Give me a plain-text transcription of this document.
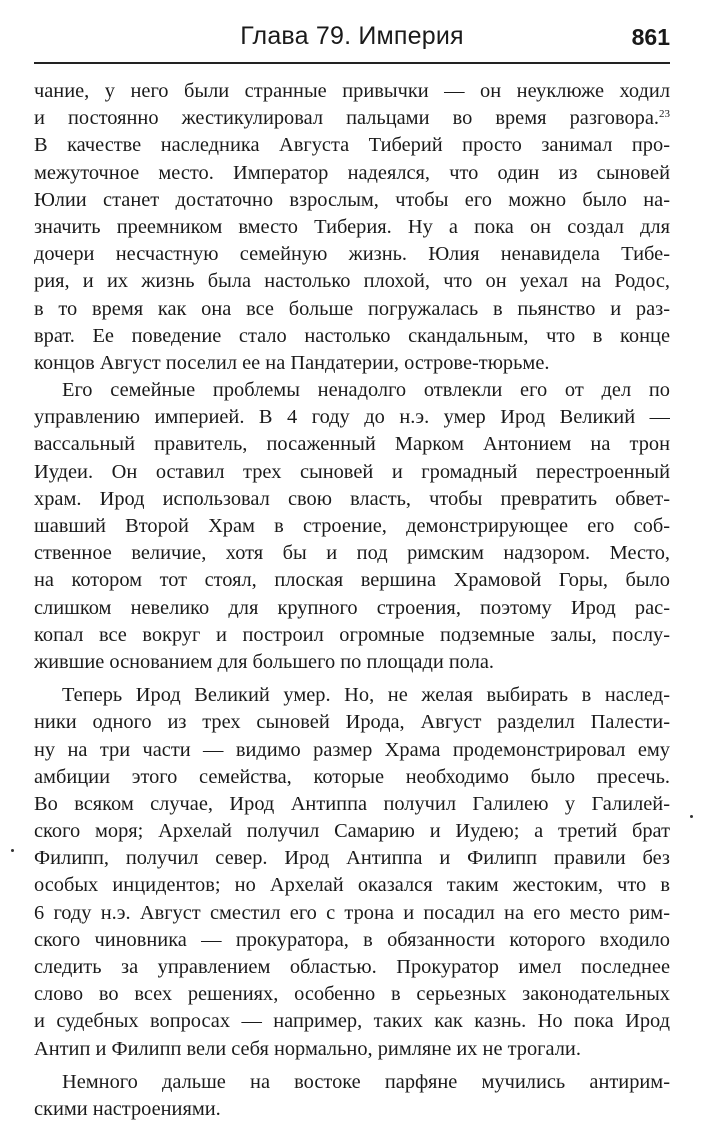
Глава 79. Империя	861
чание, у него были странные привычки — он неуклюже ходил
и постоянно жестикулировал пальцами во время разговора.$^{23}$
В качестве наследника Августа Тиберий просто занимал про-
межуточное место. Император надеялся, что один из сыновей
Юлии станет достаточно взрослым, чтобы его можно было на-
значить преемником вместо Тиберия. Ну а пока он создал для
дочери несчастную семейную жизнь. Юлия ненавидела Тибе-
рия, и их жизнь была настолько плохой, что он уехал на Родос,
в то время как она все больше погружалась в пьянство и раз-
врат. Ее поведение стало настолько скандальным, что в конце
концов Август поселил ее на Пандатерии, острове-тюрьме.
Его семейные проблемы ненадолго отвлекли его от дел по
управлению империей. В 4 году до н.э. умер Ирод Великий —
вассальный правитель, посаженный Марком Антонием на трон
Иудеи. Он оставил трех сыновей и громадный перестроенный
храм. Ирод использовал свою власть, чтобы превратить обвет-
шавший Второй Храм в строение, демонстрирующее его соб-
ственное величие, хотя бы и под римским надзором. Место,
на котором тот стоял, плоская вершина Храмовой Горы, было
слишком невелико для крупного строения, поэтому Ирод рас-
копал все вокруг и построил огромные подземные залы, послу-
жившие основанием для большего по площади пола.
Теперь Ирод Великий умер. Но, не желая выбирать в наслед-
ники одного из трех сыновей Ирода, Август разделил Палести-
ну на три части — видимо размер Храма продемонстрировал ему
амбиции этого семейства, которые необходимо было пресечь.
Во всяком случае, Ирод Антиппа получил Галилею у Галилей-
ского моря; Архелай получил Самарию и Иудею; а третий брат
Филипп, получил север. Ирод Антиппа и Филипп правили без
особых инцидентов; но Архелай оказался таким жестоким, что в
6 году н.э. Август сместил его с трона и посадил на его место рим-
ского чиновника — прокуратора, в обязанности которого входило
следить за управлением областью. Прокуратор имел последнее
слово во всех решениях, особенно в серьезных законодательных
и судебных вопросах — например, таких как казнь. Но пока Ирод
Антип и Филипп вели себя нормально, римляне их не трогали.
Немного дальше на востоке парфяне мучились антирим-
скими настроениями.
